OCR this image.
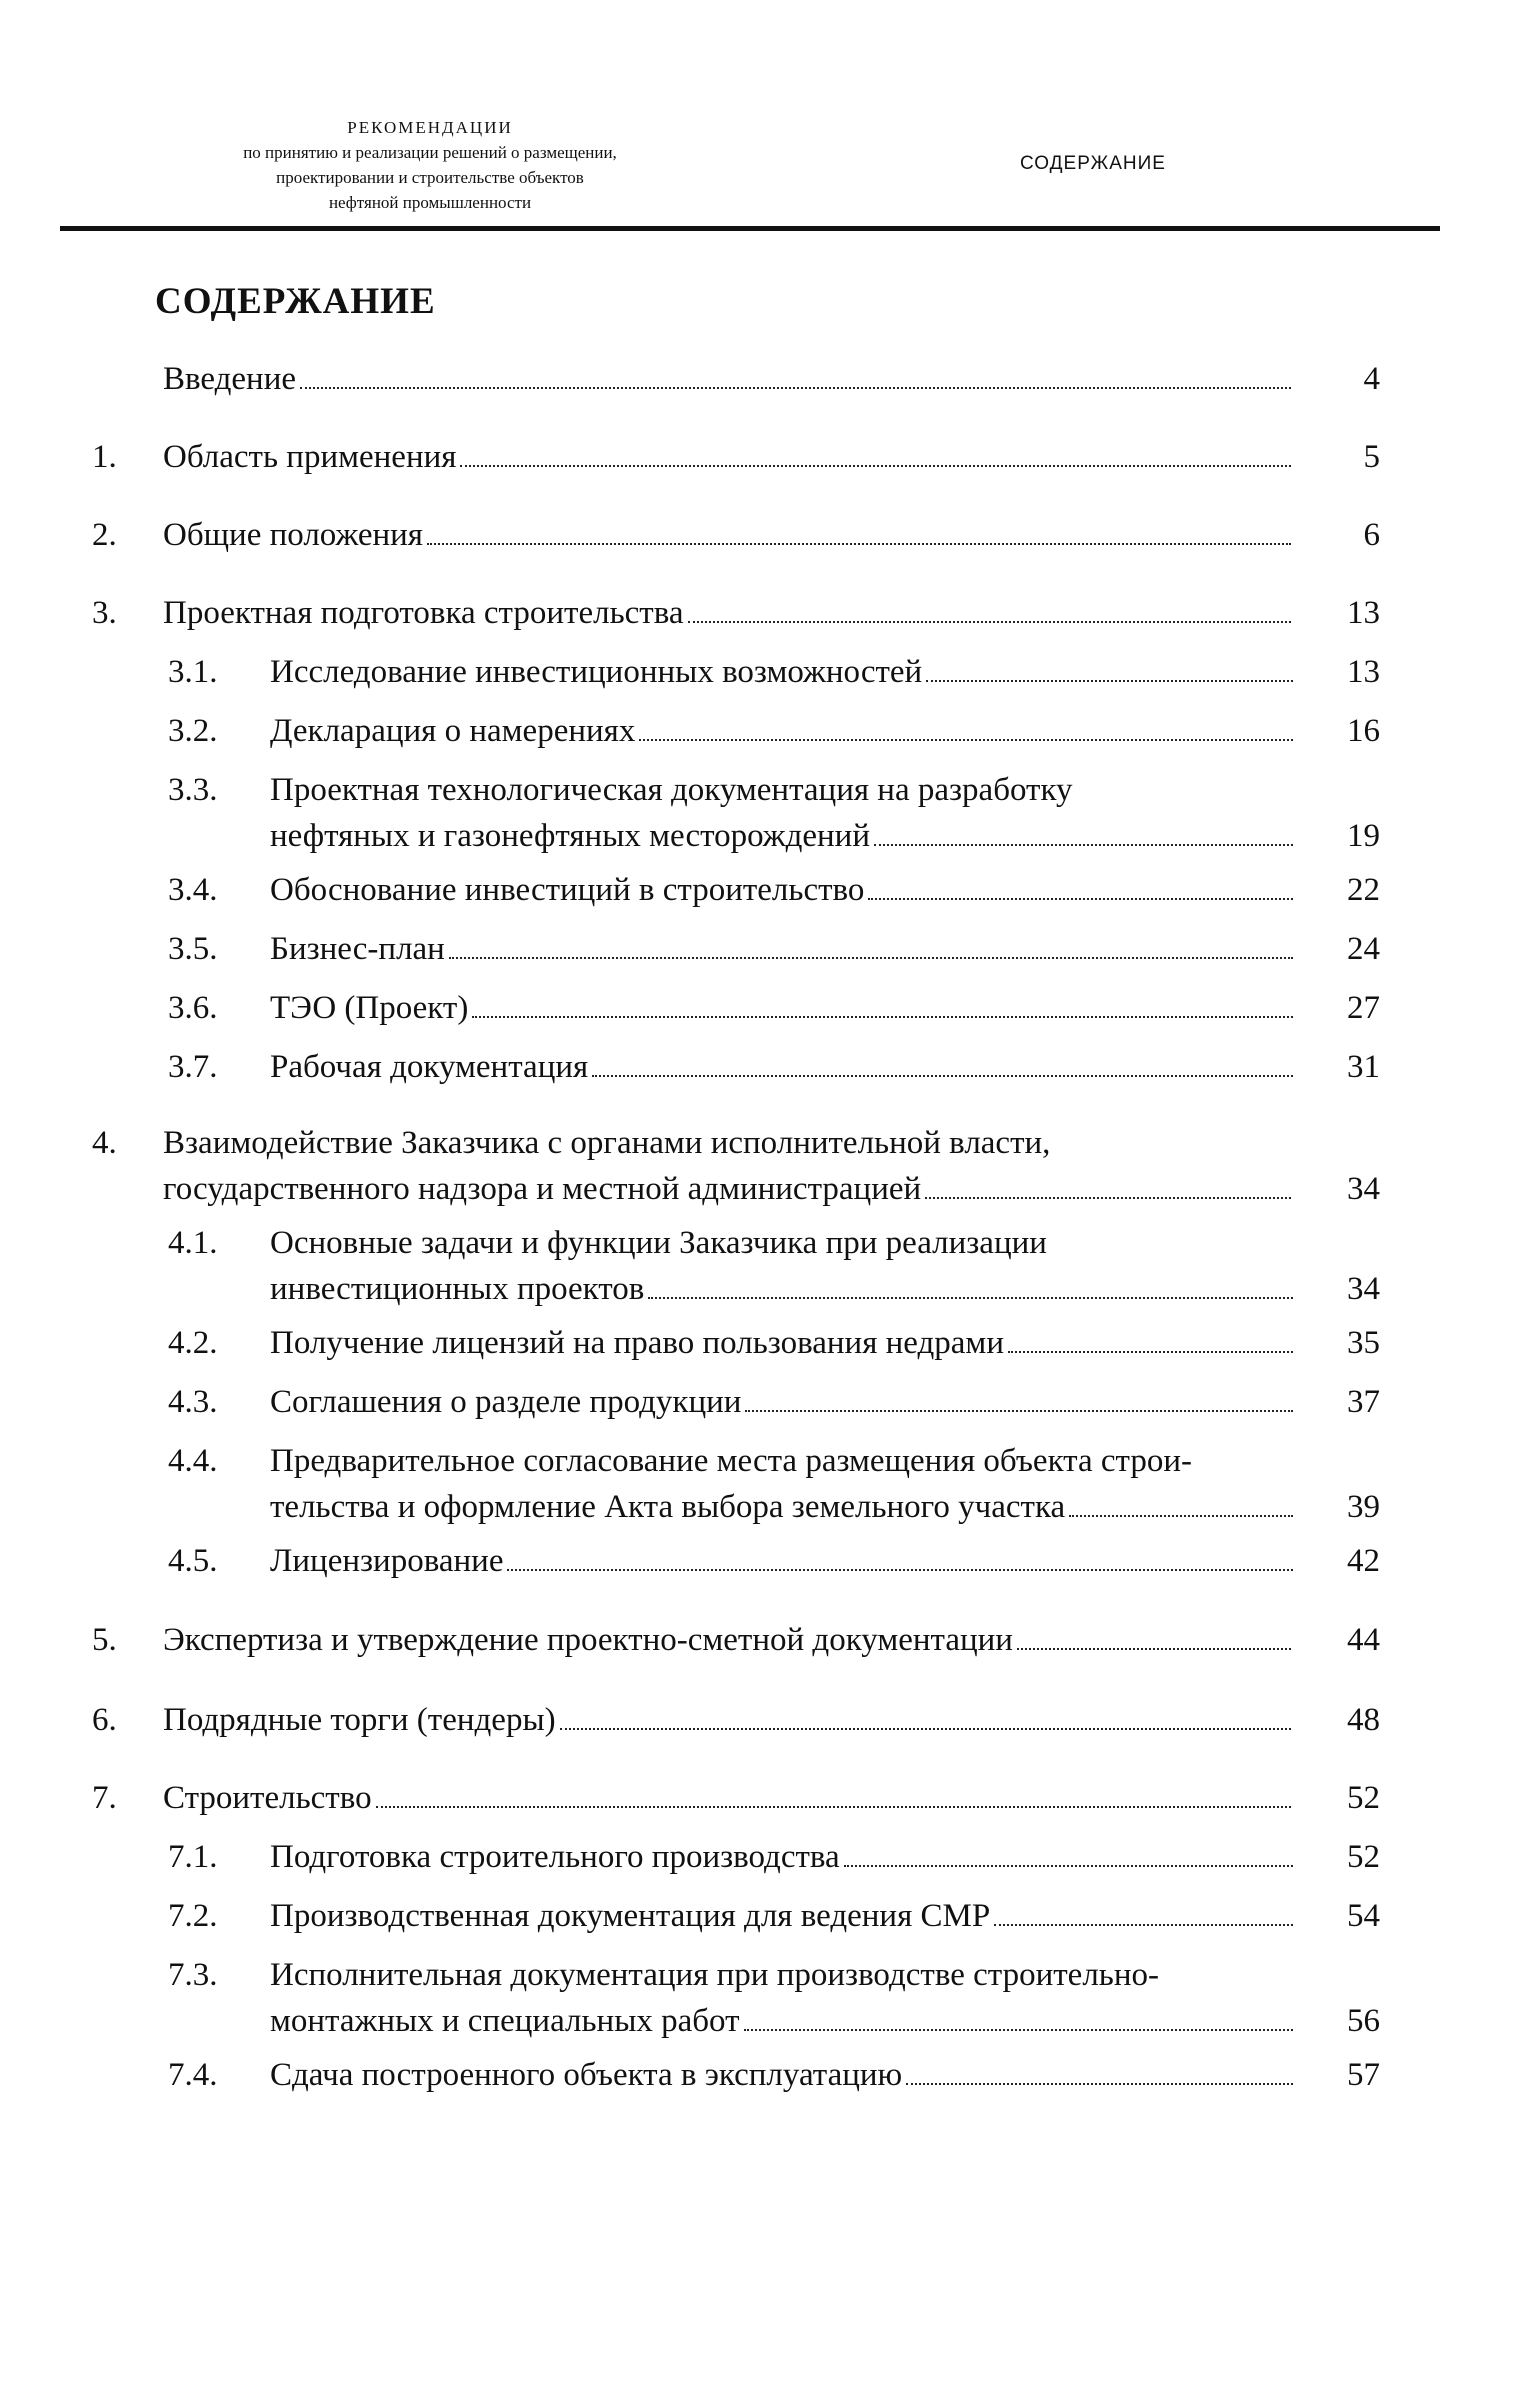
РЕКОМЕНДАЦИИ
по принятию и реализации решений о размещении,
проектировании и строительстве объектов
нефтяной промышленности
СОДЕРЖАНИЕ
СОДЕРЖАНИЕ
Введение	4
1. Область применения	5
2. Общие положения	6
3. Проектная подготовка строительства	13
3.1. Исследование инвестиционных возможностей	13
3.2. Декларация о намерениях	16
3.3. Проектная технологическая документация на разработку
нефтяных и газонефтяных месторождений	19
3.4. Обоснование инвестиций в строительство	22
3.5. Бизнес-план	24
3.6. ТЭО (Проект)	27
3.7. Рабочая документация	31
4. Взаимодействие Заказчика с органами исполнительной власти,
государственного надзора и местной администрацией	34
4.1. Основные задачи и функции Заказчика при реализации
инвестиционных проектов	34
4.2. Получение лицензий на право пользования недрами	35
4.3. Соглашения о разделе продукции	37
4.4. Предварительное согласование места размещения объекта строи-
тельства и оформление Акта выбора земельного участка	39
4.5. Лицензирование	42
5. Экспертиза и утверждение проектно-сметной документации	44
6. Подрядные торги (тендеры)	48
7. Строительство	52
7.1. Подготовка строительного производства	52
7.2. Производственная документация для ведения СМР	54
7.3. Исполнительная документация при производстве строительно-
монтажных и специальных работ	56
7.4. Сдача построенного объекта в эксплуатацию	57
